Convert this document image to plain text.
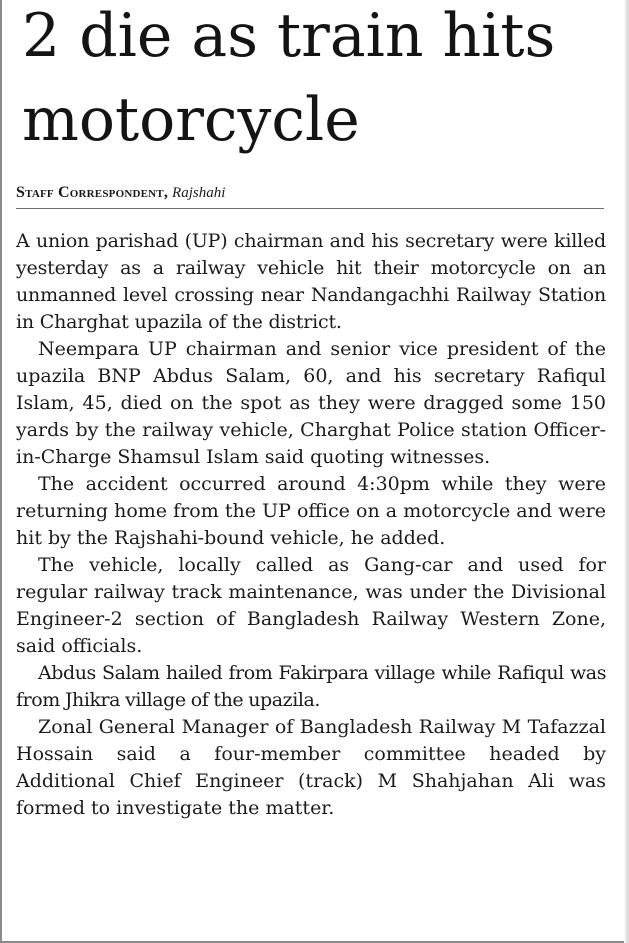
2 die as train hits motorcycle
Staff Correspondent, Rajshahi

A union parishad (UP) chairman and his secretary were killed yesterday as a railway vehicle hit their motorcycle on an unmanned level crossing near Nandangachhi Railway Station in Charghat upazila of the district.

Neempara UP chairman and senior vice president of the upazila BNP Abdus Salam, 60, and his secretary Rafiqul Islam, 45, died on the spot as they were dragged some 150 yards by the railway vehicle, Charghat Police station Officer-in-Charge Shamsul Islam said quoting witnesses.

The accident occurred around 4:30pm while they were returning home from the UP office on a motorcycle and were hit by the Rajshahi-bound vehicle, he added.

The vehicle, locally called as Gang-car and used for regular railway track maintenance, was under the Divisional Engineer-2 section of Bangladesh Railway Western Zone, said officials.

Abdus Salam hailed from Fakirpara village while Rafiqul was from Jhikra village of the upazila.

Zonal General Manager of Bangladesh Railway M Tafazzal Hossain said a four-member committee headed by Additional Chief Engineer (track) M Shahjahan Ali was formed to investigate the matter.
